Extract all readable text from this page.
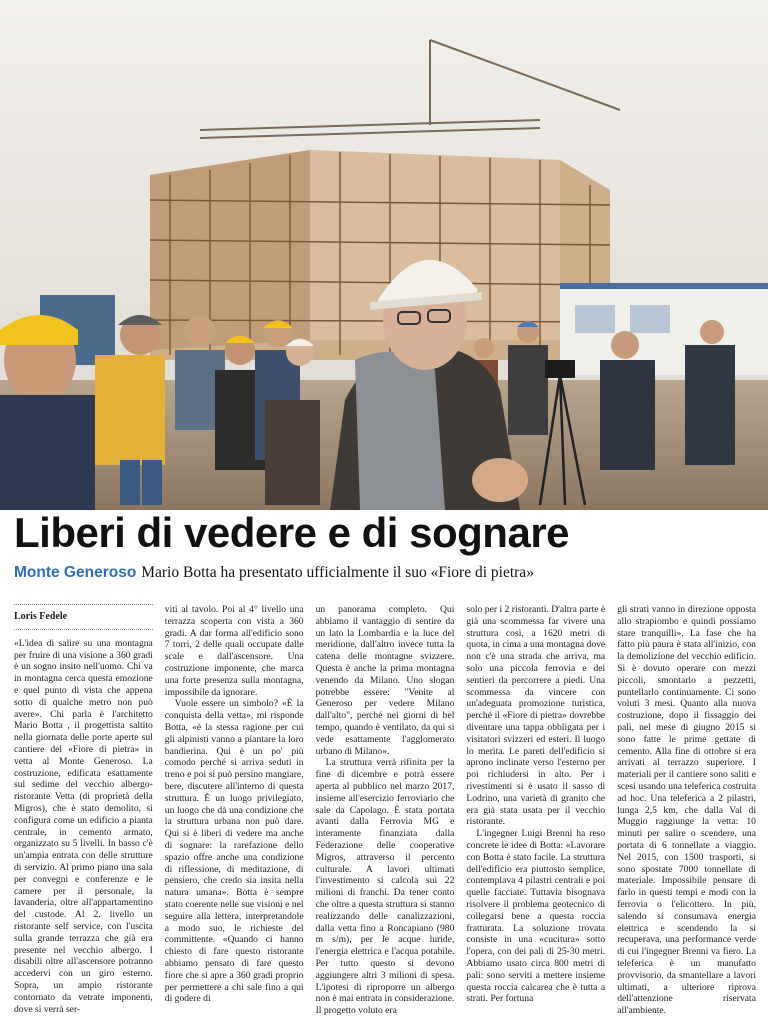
Liberi di vedere e di sognare
Monte Generoso Mario Botta ha presentato ufficialmente il suo «Fiore di pietra»
Loris Fedele

«L'idea di salire su una montagna per fruire di una visione a 360 gradi è un sogno insito nell'uomo. Chi va in montagna cerca questa emozione e quel punto di vista che appena sotto di qualche metro non può avere». Chi parla è l'architetto Mario Botta , il progettista saltito nella giornata delle porte aperte sul cantiere del «Fiore di pietra» in vetta al Monte Generoso. La costruzione, edificata esattamente sul sedime del vecchio albergo-ristorante Vetta (di proprietà della Migros), che è stato demolito, si configura come un edificio a pianta centrale, in cemento armato, organizzato su 5 livelli. In basso c'è un'ampia entrata con delle strutture di servizio. Al primo piano una sala per convegni e conferenze e le camere per il personale, la lavanderia, oltre all'appartamentino del custode. Al 2. livello un ristorante self service, con l'uscita sulla grande terrazza che già era presente nel vecchio albergo. I disabili oltre all'ascensore potranno accedervi con un giro esterno. Sopra, un ampio ristorante contornato da vetrate imponenti, dove si verrà ser-

viti al tavolo. Poi al 4° livello una terrazza scoperta con vista a 360 gradi. A dar forma all'edificio sono 7 torri, 2 delle quali occupate dalle scale e dall'ascensore. Una costruzione imponente, che marca una forte presenza sulla montagna, impossibile da ignorare.

Vuole essere un simbolo? «È la conquista della vetta», mi risponde Botta, «è la stessa ragione per cui gli alpinisti vanno a piantare la loro bandierina. Qui è un po' più comodo perché si arriva seduti in treno e poi si può persino mangiare, bere, discutere all'interno di questa struttura. È un luogo privilegiato, un luogo che dà una condizione che la struttura urbana non può dare. Qui si è liberi di vedere ma anche di sognare: la rarefazione dello spazio offre anche una condizione di riflessione, di meditazione, di pensiero, che credo sia insita nella natura umana». Botta è sempre stato coerente nelle sue visioni e nel seguire alla lettera, interpretandole a modo suo, le richieste del committente. «Quando ci hanno chiesto di fare questo ristorante abbiamo pensato di fare questo fiore che si apre a 360 gradi proprio per permettere a chi sale fino a qui di godere di

un panorama completo. Qui abbiamo il vantaggio di sentire da un lato la Lombardia e la luce del meridione, dall'altro invece tutta la catena delle montagne svizzere. Questa è anche la prima montagna venendo da Milano. Uno slogan potrebbe essere: "Venite al Generoso per vedere Milano dall'alto", perché nei giorni di bel tempo, quando è ventilato, da qui si vede esattamente l'agglomerato urbano di Milano».

La struttura verrà rifinita per la fine di dicembre e potrà essere aperta al pubblico nel marzo 2017, insieme all'esercizio ferroviario che sale da Capolago. È stata portata avanti dalla Ferrovia MG e interamente finanziata dalla Federazione delle cooperative Migros, attraverso il percento culturale. A lavori ultimati l'investimento si calcola sui 22 milioni di franchi. Da tener conto che oltre a questa struttura si stanno realizzando delle canalizzazioni, dalla vetta fino a Roncapiano (980 m s/m), per le acque luride, l'energia elettrica e l'acqua potabile. Per tutto questo si devono aggiungere altri 3 milioni di spesa. L'ipotesi di riproporre un albergo non è mai entrata in considerazione. Il progetto voluto era

solo per i 2 ristoranti. D'altra parte è già una scommessa far vivere una struttura così, a 1620 metri di quota, in cima a una montagna dove non c'è una strada che arriva, ma solo una piccola ferrovia e dei sentieri da percorrere a piedi. Una scommessa da vincere con un'adeguata promozione turistica, perché il «Fiore di pietra» dovrebbe diventare una tappa obbligata per i visitatori svizzeri ed esteri. Il luogo lo merita. Le pareti dell'edificio si aprono inclinate verso l'esterno per poi richiudersi in alto. Per i rivestimenti si è usato il sasso di Lodrino, una varietà di granito che era già stata usata per il vecchio ristorante.

L'ingegner Luigi Brenni ha reso concrete le idee di Botta: «Lavorare con Botta è stato facile. La struttura dell'edificio era piuttosto semplice, contemplava 4 pilastri centrali e poi quelle facciate. Tuttavia bisognava risolvere il problema geotecnico di collegarsi bene a questa roccia fratturata. La soluzione trovata consiste in una «cucitura» sotto l'opera, con dei pali di 25-30 metri. Abbiamo usato circa 800 metri di pali: sono serviti a mettere insieme questa roccia calcarea che è tutta a strati. Per fortuna

gli strati vanno in direzione opposta allo strapiombo e quindi possiamo stare tranquilli». La fase che ha fatto più paura è stata all'inizio, con la demolizione del vecchio edificio. Si è dovuto operare con mezzi piccoli, smontarlo a pezzetti, puntellarlo continuamente. Ci sono voluti 3 mesi. Quanto alla nuova costruzione, dopo il fissaggio dei pali, nel mese di giugno 2015 si sono fatte le prime gettate di cemento. Alla fine di ottobre si era arrivati al terrazzo superiore. I materiali per il cantiere sono saliti e scesi usando una teleferica costruita ad hoc. Una teleferica a 2 pilastri, lunga 2,5 km, che dalla Val di Muggio raggiunge la vetta: 10 minuti per salire o scendere, una portata di 6 tonnellate a viaggio. Nel 2015, con 1500 trasporti, si sono spostate 7000 tonnellate di materiale. Impossibile pensare di farlo in questi tempi e modi con la ferrovia o l'elicottero. In più, salendo si consumava energia elettrica e scendendo la si recuperava, una performance verde di cui l'ingegner Brenni va fiero. La teleferica è un manufatto provvisorio, da smantellare a lavori ultimati, a ulteriore riprova dell'attenzione riservata all'ambiente.
